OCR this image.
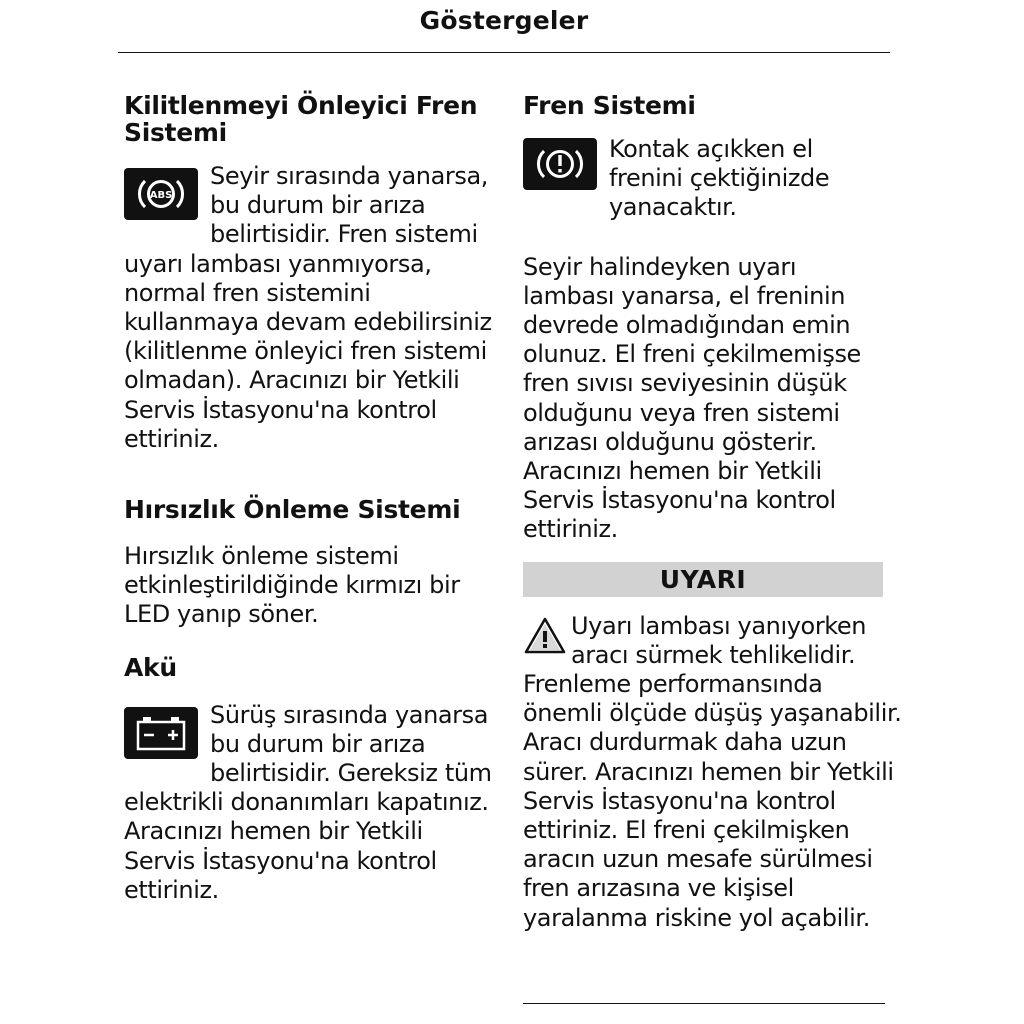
Göstergeler
Kilitlenmeyi Önleyici Fren Sistemi
ABS

Seyir sırasında yanarsa, bu durum bir arıza belirtisidir. Fren sistemi uyarı lambası yanmıyorsa, normal fren sistemini kullanmaya devam edebilirsiniz (kilitlenme önleyici fren sistemi olmadan). Aracınızı bir Yetkili Servis İstasyonu'na kontrol ettiriniz.

Hırsızlık Önleme Sistemi

Hırsızlık önleme sistemi etkinleştirildiğinde kırmızı bir LED yanıp söner.

Akü

Sürüş sırasında yanarsa bu durum bir arıza belirtisidir. Gereksiz tüm elektrikli donanımları kapatınız. Aracınızı hemen bir Yetkili Servis İstasyonu'na kontrol ettiriniz.

Fren Sistemi

Kontak açıkken el frenini çektiğinizde yanacaktır.

Seyir halindeyken uyarı lambası yanarsa, el freninin devrede olmadığından emin olunuz. El freni çekilmemişse fren sıvısı seviyesinin düşük olduğunu veya fren sistemi arızası olduğunu gösterir. Aracınızı hemen bir Yetkili Servis İstasyonu'na kontrol ettiriniz.

UYARI

Uyarı lambası yanıyorken aracı sürmek tehlikelidir. Frenleme performansında önemli ölçüde düşüş yaşanabilir. Aracı durdurmak daha uzun sürer. Aracınızı hemen bir Yetkili Servis İstasyonu'na kontrol ettiriniz. El freni çekilmişken aracın uzun mesafe sürülmesi fren arızasına ve kişisel yaralanma riskine yol açabilir.
